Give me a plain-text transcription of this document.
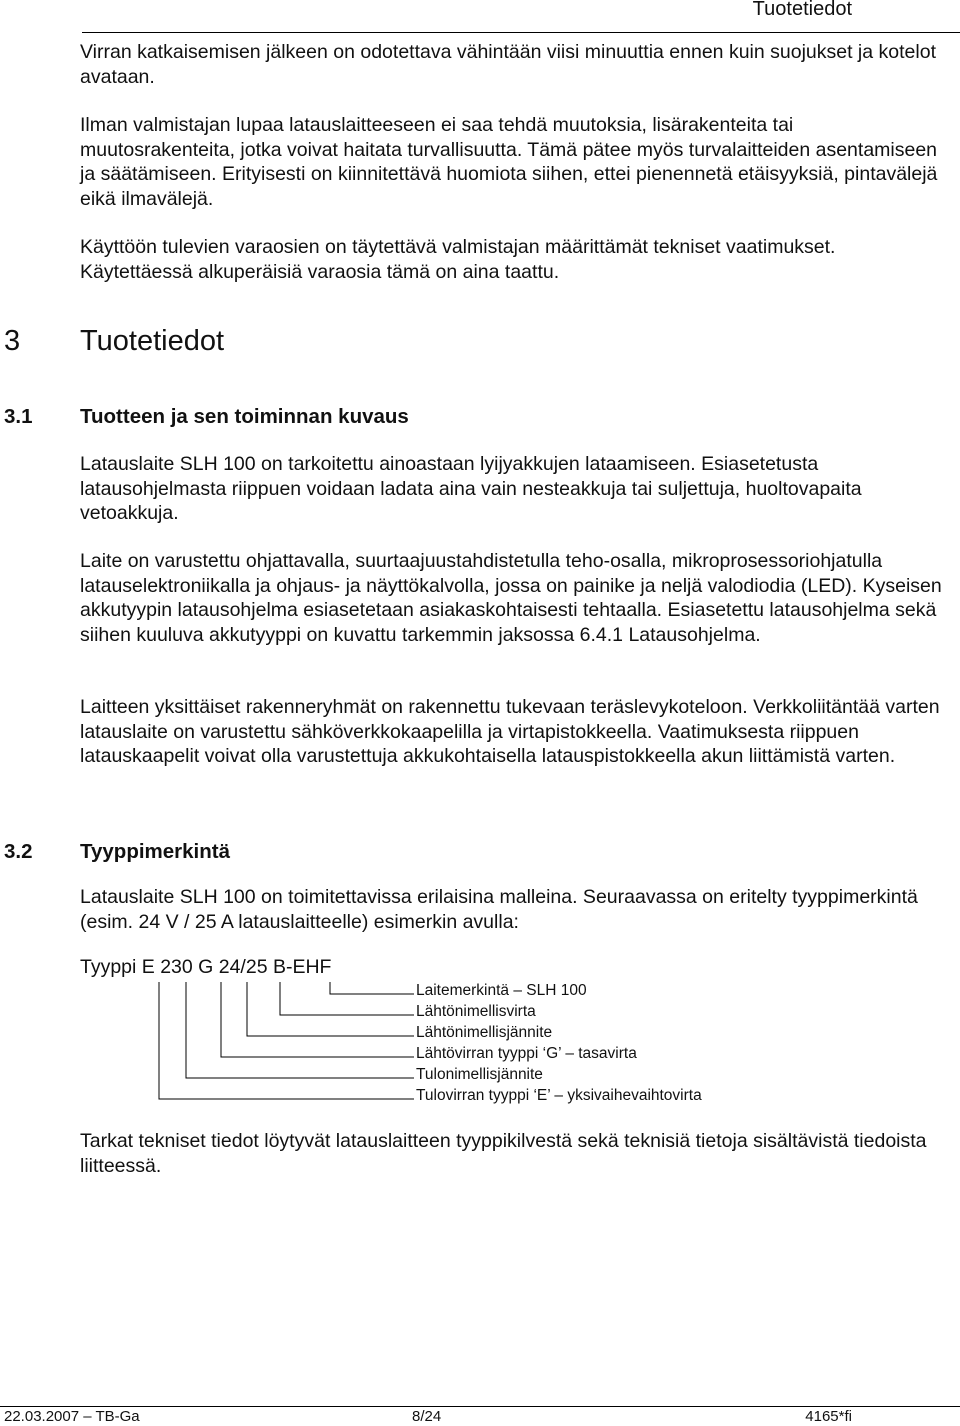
Tuotetiedot

Virran katkaisemisen jälkeen on odotettava vähintään viisi minuuttia ennen kuin suojukset ja kotelot avataan.

Ilman valmistajan lupaa latauslaitteeseen ei saa tehdä muutoksia, lisärakenteita tai muutosrakenteita, jotka voivat haitata turvallisuutta. Tämä pätee myös turvalaitteiden asentamiseen ja säätämiseen. Erityisesti on kiinnitettävä huomiota siihen, ettei pienennetä etäisyyksiä, pintavälejä eikä ilmavälejä.

Käyttöön tulevien varaosien on täytettävä valmistajan määrittämät tekniset vaatimukset. Käytettäessä alkuperäisiä varaosia tämä on aina taattu.

3 Tuotetiedot
3.1 Tuotteen ja sen toiminnan kuvaus

Latauslaite SLH 100 on tarkoitettu ainoastaan lyijyakkujen lataamiseen. Esiasetetusta latausohjelmasta riippuen voidaan ladata aina vain nesteakkuja tai suljettuja, huoltovapaita vetoakkuja.

Laite on varustettu ohjattavalla, suurtaajuustahdistetulla teho-osalla, mikroprosessoriohjatulla latauselektroniikalla ja ohjaus- ja näyttökalvolla, jossa on painike ja neljä valodiodia (LED). Kyseisen akkutyypin latausohjelma esiasetetaan asiakaskohtaisesti tehtaalla. Esiasetettu latausohjelma sekä siihen kuuluva akkutyyppi on kuvattu tarkemmin jaksossa 6.4.1 Latausohjelma.

Laitteen yksittäiset rakenneryhmät on rakennettu tukevaan teräslevykoteloon. Verkkoliitäntää varten latauslaite on varustettu sähköverkkokaapelilla ja virtapistokkeella. Vaatimuksesta riippuen latauskaapelit voivat olla varustettuja akkukohtaisella latauspistokkeella akun liittämistä varten.

3.2 Tyyppimerkintä

Latauslaite SLH 100 on toimitettavissa erilaisina malleina. Seuraavassa on eritelty tyyppimerkintä (esim. 24 V / 25 A latauslaitteelle) esimerkin avulla:

Tyyppi E 230 G 24/25 B-EHF
Laitemerkintä – SLH 100
Lähtönimellisvirta
Lähtönimellisjännite
Lähtövirran tyyppi ‘G’ – tasavirta
Tulonimellisjännite
Tulovirran tyyppi ‘E’ – yksivaihevaihtovirta

Tarkat tekniset tiedot löytyvät latauslaitteen tyyppikilvestä sekä teknisiä tietoja sisältävistä tiedoista liitteessä.

22.03.2007 – TB-Ga	8/24	4165*fi
